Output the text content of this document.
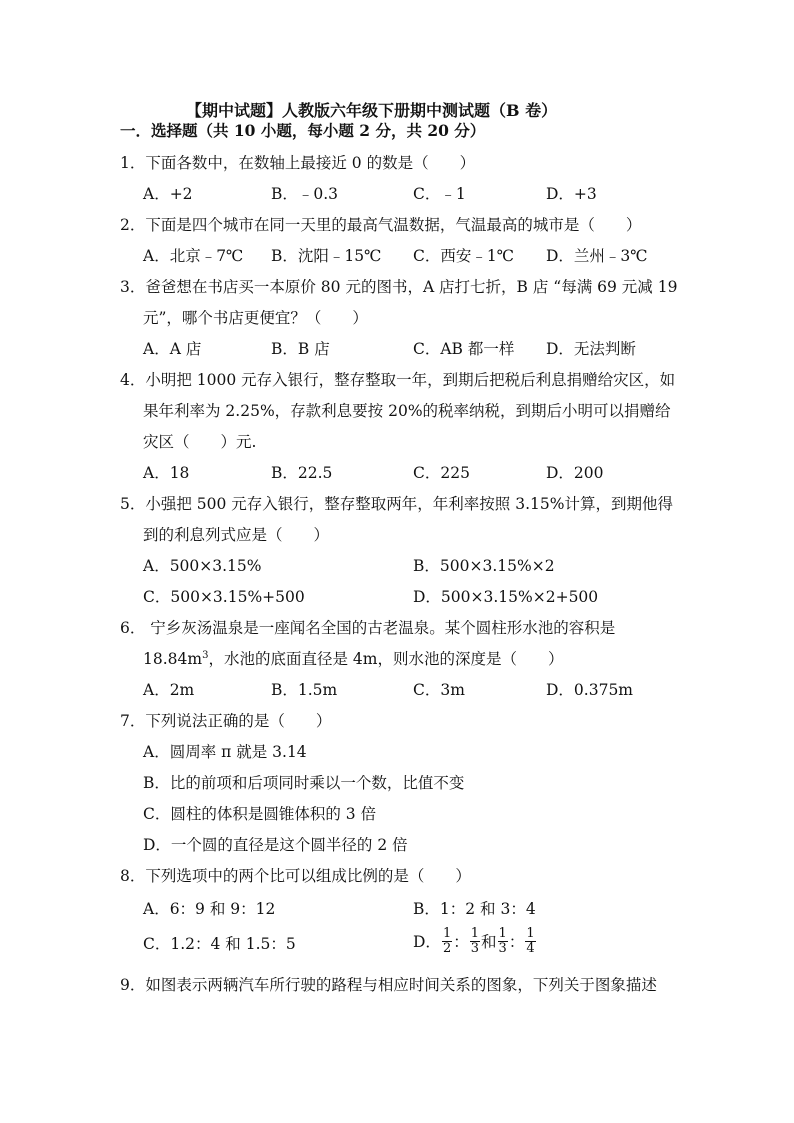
【期中试题】人教版六年级下册期中测试题（B 卷）
一．选择题（共 10 小题，每小题 2 分，共 20 分）
1．下面各数中，在数轴上最接近 0 的数是（　　）
A．+2	B．﹣0.3	C．﹣1	D．+3
2．下面是四个城市在同一天里的最高气温数据，气温最高的城市是（　　）
A．北京﹣7℃ B．沈阳﹣15℃ C．西安﹣1℃ D．兰州﹣3℃
3．爸爸想在书店买一本原价 80 元的图书，A 店打七折，B 店 “每满 69 元减 19
元”，哪个书店更便宜？（　　）
A．A 店	B．B 店	C．AB 都一样 D．无法判断
4．小明把 1000 元存入银行，整存整取一年，到期后把税后利息捐赠给灾区，如
果年利率为 2.25%，存款利息要按 20%的税率纳税，到期后小明可以捐赠给
灾区（　　）元.
A．18	B．22.5	C．225	D．200
5．小强把 500 元存入银行，整存整取两年，年利率按照 3.15%计算，到期他得
到的利息列式应是（　　）
A．500×3.15%	B．500×3.15%×2
C．500×3.15%+500	D．500×3.15%×2+500
6． 宁乡灰汤温泉是一座闻名全国的古老温泉。某个圆柱形水池的容积是
$18.84m^3$，水池的底面直径是 4m，则水池的深度是（　　）
A．2m	B．1.5m	C．3m	D．0.375m
7．下列说法正确的是（　　）
A．圆周率 π 就是 3.14
B．比的前项和后项同时乘以一个数，比值不变
C．圆柱的体积是圆锥体积的 3 倍
D．一个圆的直径是这个圆半径的 2 倍
8．下列选项中的两个比可以组成比例的是（　　）
A．6：9 和 9：12	B．1：2 和 3：4
C．1.2：4 和 1.5：5	D． $\frac{1}{2}$ ： $\frac{1}{3}$ 和 $\frac{1}{3}$ ： $\frac{1}{4}$
9．如图表示两辆汽车所行驶的路程与相应时间关系的图象，下列关于图象描述
